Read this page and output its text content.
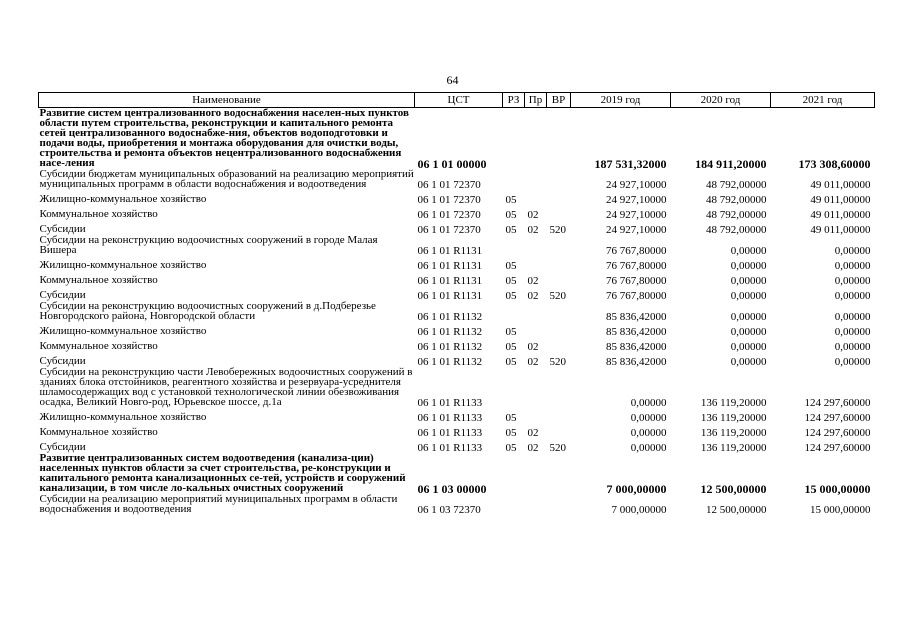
64
Наименование	ЦСТ	РЗ	Пр	ВР	2019 год	2020 год	2021 год
Развитие систем централизованного водоснабжения населен-ных пунктов области путем строительства, реконструкции и капитального ремонта сетей централизованного водоснабже-ния, объектов водоподготовки и подачи воды, приобретения и монтажа оборудования для очистки воды, строительства и ремонта объектов нецентрализованного водоснабжения насе-ления	06 1 01 00000				187 531,32000	184 911,20000	173 308,60000
Субсидии бюджетам муниципальных образований на реализацию мероприятий муниципальных программ в области водоснабжения и водоотведения	06 1 01 72370				24 927,10000	48 792,00000	49 011,00000
Жилищно-коммунальное хозяйство	06 1 01 72370	05			24 927,10000	48 792,00000	49 011,00000
Коммунальное хозяйство	06 1 01 72370	05	02		24 927,10000	48 792,00000	49 011,00000
Субсидии	06 1 01 72370	05	02	520	24 927,10000	48 792,00000	49 011,00000
Субсидии на реконструкцию водоочистных сооружений в городе Малая Вишера	06 1 01 R1131				76 767,80000	0,00000	0,00000
Жилищно-коммунальное хозяйство	06 1 01 R1131	05			76 767,80000	0,00000	0,00000
Коммунальное хозяйство	06 1 01 R1131	05	02		76 767,80000	0,00000	0,00000
Субсидии	06 1 01 R1131	05	02	520	76 767,80000	0,00000	0,00000
Субсидии на реконструкцию водоочистных сооружений в д.Подберезье Новгородского района, Новгородской области	06 1 01 R1132				85 836,42000	0,00000	0,00000
Жилищно-коммунальное хозяйство	06 1 01 R1132	05			85 836,42000	0,00000	0,00000
Коммунальное хозяйство	06 1 01 R1132	05	02		85 836,42000	0,00000	0,00000
Субсидии	06 1 01 R1132	05	02	520	85 836,42000	0,00000	0,00000
Субсидии на реконструкцию части Левобережных водоочистных сооружений в зданиях блока отстойников, реагентного хозяйства и резервуара-усреднителя шламосодержащих вод с установкой технологической линии обезвоживания осадка, Великий Новго-род, Юрьевское шоссе, д.1а	06 1 01 R1133				0,00000	136 119,20000	124 297,60000
Жилищно-коммунальное хозяйство	06 1 01 R1133	05			0,00000	136 119,20000	124 297,60000
Коммунальное хозяйство	06 1 01 R1133	05	02		0,00000	136 119,20000	124 297,60000
Субсидии	06 1 01 R1133	05	02	520	0,00000	136 119,20000	124 297,60000
Развитие централизованных систем водоотведения (канализа-ции) населенных пунктов области за счет строительства, ре-конструкции и капитального ремонта канализационных се-тей, устройств и сооружений канализации, в том числе ло-кальных очистных сооружений	06 1 03 00000				7 000,00000	12 500,00000	15 000,00000
Субсидии на реализацию мероприятий муниципальных программ в области водоснабжения и водоотведения	06 1 03 72370				7 000,00000	12 500,00000	15 000,00000
